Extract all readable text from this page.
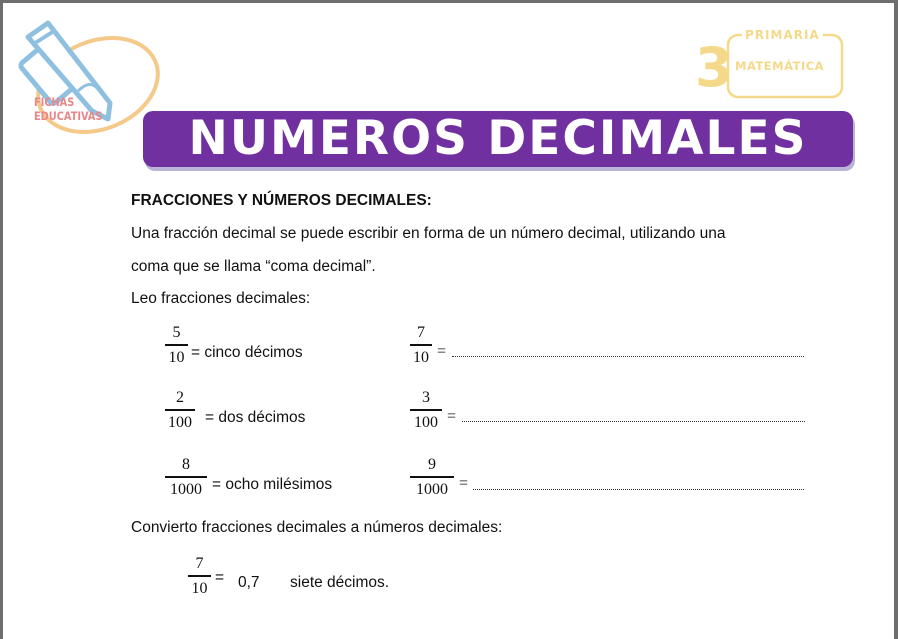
FICHAS
EDUCATIVAS
3
PRIMARIA
MATEMÁTICA
NUMEROS DECIMALES
FRACCIONES Y NÚMEROS DECIMALES:
Una fracción decimal se puede escribir en forma de un número decimal, utilizando una
coma que se llama “coma decimal”.
Leo fracciones decimales:
5
10 = cinco décimos
2
100 = dos décimos
8
1000 = ocho milésimos
7
10 =
3
100 =
9
1000 =
Convierto fracciones decimales a números decimales:
7
10
= 0,7 siete décimos.
